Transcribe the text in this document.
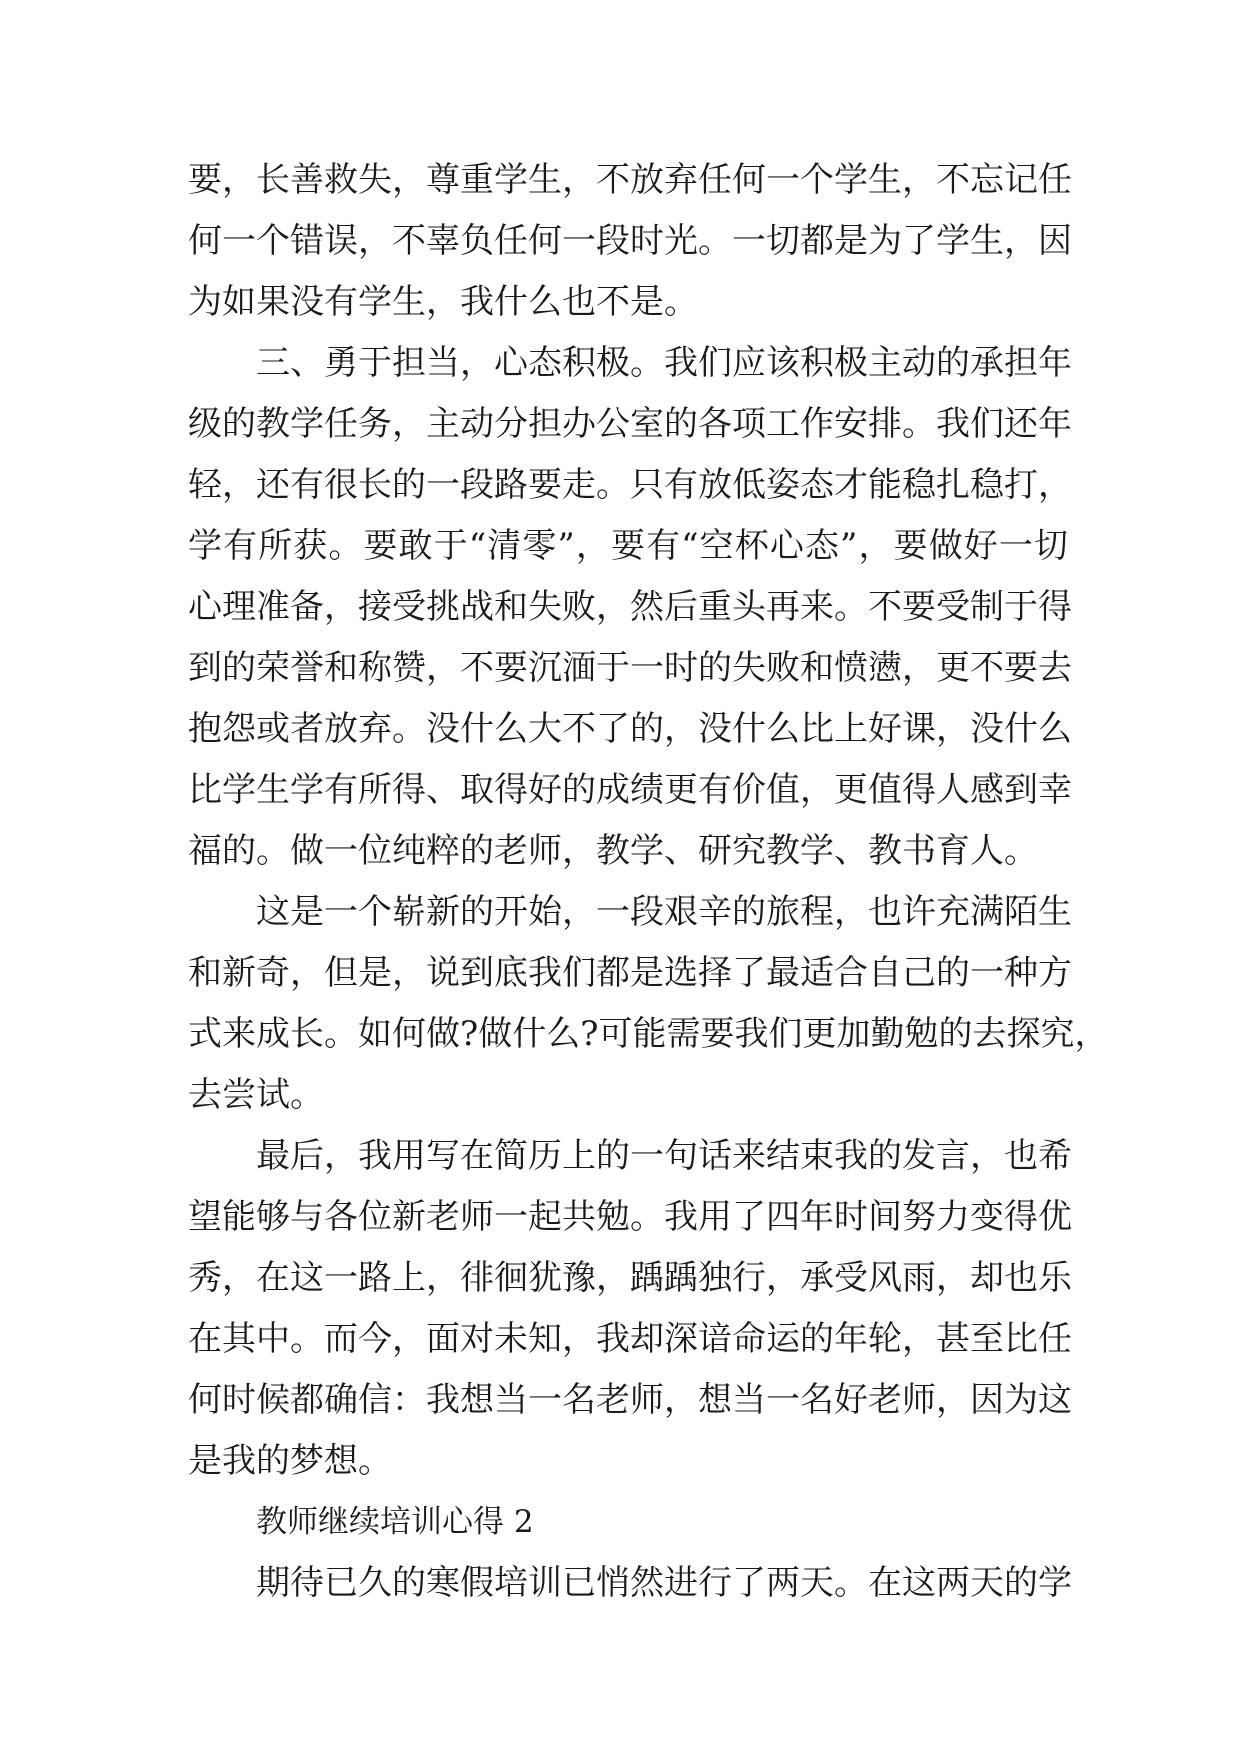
要，长善救失，尊重学生，不放弃任何一个学生，不忘记任
何一个错误，不辜负任何一段时光。一切都是为了学生，因
为如果没有学生，我什么也不是。
三、勇于担当，心态积极。我们应该积极主动的承担年
级的教学任务，主动分担办公室的各项工作安排。我们还年
轻，还有很长的一段路要走。只有放低姿态才能稳扎稳打，
学有所获。要敢于“清零”，要有“空杯心态”，要做好一切
心理准备，接受挑战和失败，然后重头再来。不要受制于得
到的荣誉和称赞，不要沉湎于一时的失败和愤懑，更不要去
抱怨或者放弃。没什么大不了的，没什么比上好课，没什么
比学生学有所得、取得好的成绩更有价值，更值得人感到幸
福的。做一位纯粹的老师，教学、研究教学、教书育人。
这是一个崭新的开始，一段艰辛的旅程，也许充满陌生
和新奇，但是，说到底我们都是选择了最适合自己的一种方
式来成长。如何做?做什么?可能需要我们更加勤勉的去探究，
去尝试。
最后，我用写在简历上的一句话来结束我的发言，也希
望能够与各位新老师一起共勉。我用了四年时间努力变得优
秀，在这一路上，徘徊犹豫，踽踽独行，承受风雨，却也乐
在其中。而今，面对未知，我却深谙命运的年轮，甚至比任
何时候都确信：我想当一名老师，想当一名好老师，因为这
是我的梦想。
教师继续培训心得 2
期待已久的寒假培训已悄然进行了两天。在这两天的学
